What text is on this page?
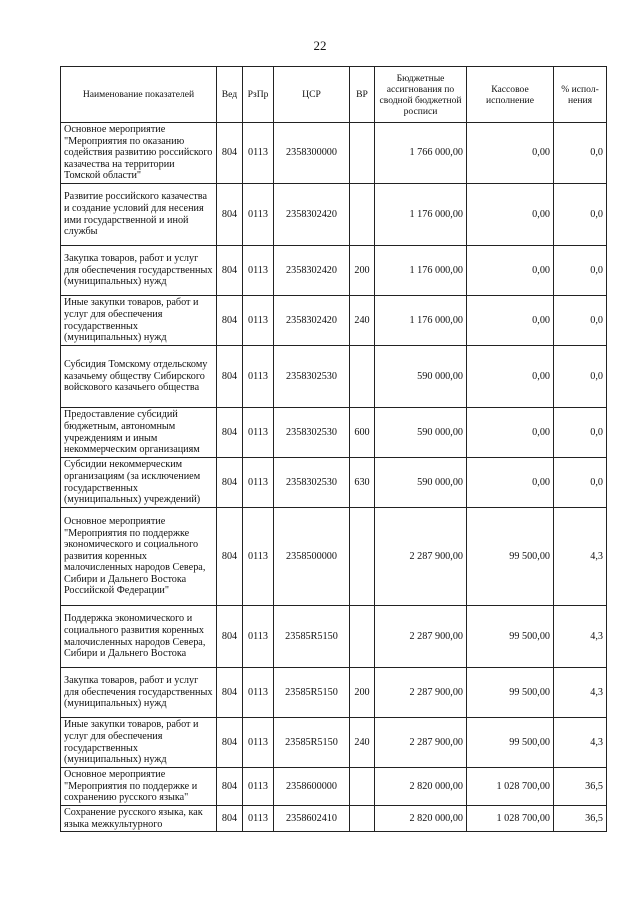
22
Наименование показателей	Вед	РзПр	ЦСР	ВР	Бюджетные ассигнования по сводной бюджетной росписи	Кассовое исполнение	% испол-нения
Основное мероприятие "Мероприятия по оказанию содействия развитию российского казачества на территории Томской области"	804	0113	2358300000		1 766 000,00	0,00	0,0
Развитие российского казачества и создание условий для несения ими государственной и иной службы	804	0113	2358302420		1 176 000,00	0,00	0,0
Закупка товаров, работ и услуг для обеспечения государственных (муниципальных) нужд	804	0113	2358302420	200	1 176 000,00	0,00	0,0
Иные закупки товаров, работ и услуг для обеспечения государственных (муниципальных) нужд	804	0113	2358302420	240	1 176 000,00	0,00	0,0
Субсидия Томскому отдельскому казачьему обществу Сибирского войскового казачьего общества	804	0113	2358302530		590 000,00	0,00	0,0
Предоставление субсидий бюджетным, автономным учреждениям и иным некоммерческим организациям	804	0113	2358302530	600	590 000,00	0,00	0,0
Субсидии некоммерческим организациям (за исключением государственных (муниципальных) учреждений)	804	0113	2358302530	630	590 000,00	0,00	0,0
Основное мероприятие "Мероприятия по поддержке экономического и социального развития коренных малочисленных народов Севера, Сибири и Дальнего Востока Российской Федерации"	804	0113	2358500000		2 287 900,00	99 500,00	4,3
Поддержка экономического и социального развития коренных малочисленных народов Севера, Сибири и Дальнего Востока	804	0113	23585R5150		2 287 900,00	99 500,00	4,3
Закупка товаров, работ и услуг для обеспечения государственных (муниципальных) нужд	804	0113	23585R5150	200	2 287 900,00	99 500,00	4,3
Иные закупки товаров, работ и услуг для обеспечения государственных (муниципальных) нужд	804	0113	23585R5150	240	2 287 900,00	99 500,00	4,3
Основное мероприятие "Мероприятия по поддержке и сохранению русского языка"	804	0113	2358600000		2 820 000,00	1 028 700,00	36,5
Сохранение русского языка, как языка межкультурного	804	0113	2358602410		2 820 000,00	1 028 700,00	36,5
